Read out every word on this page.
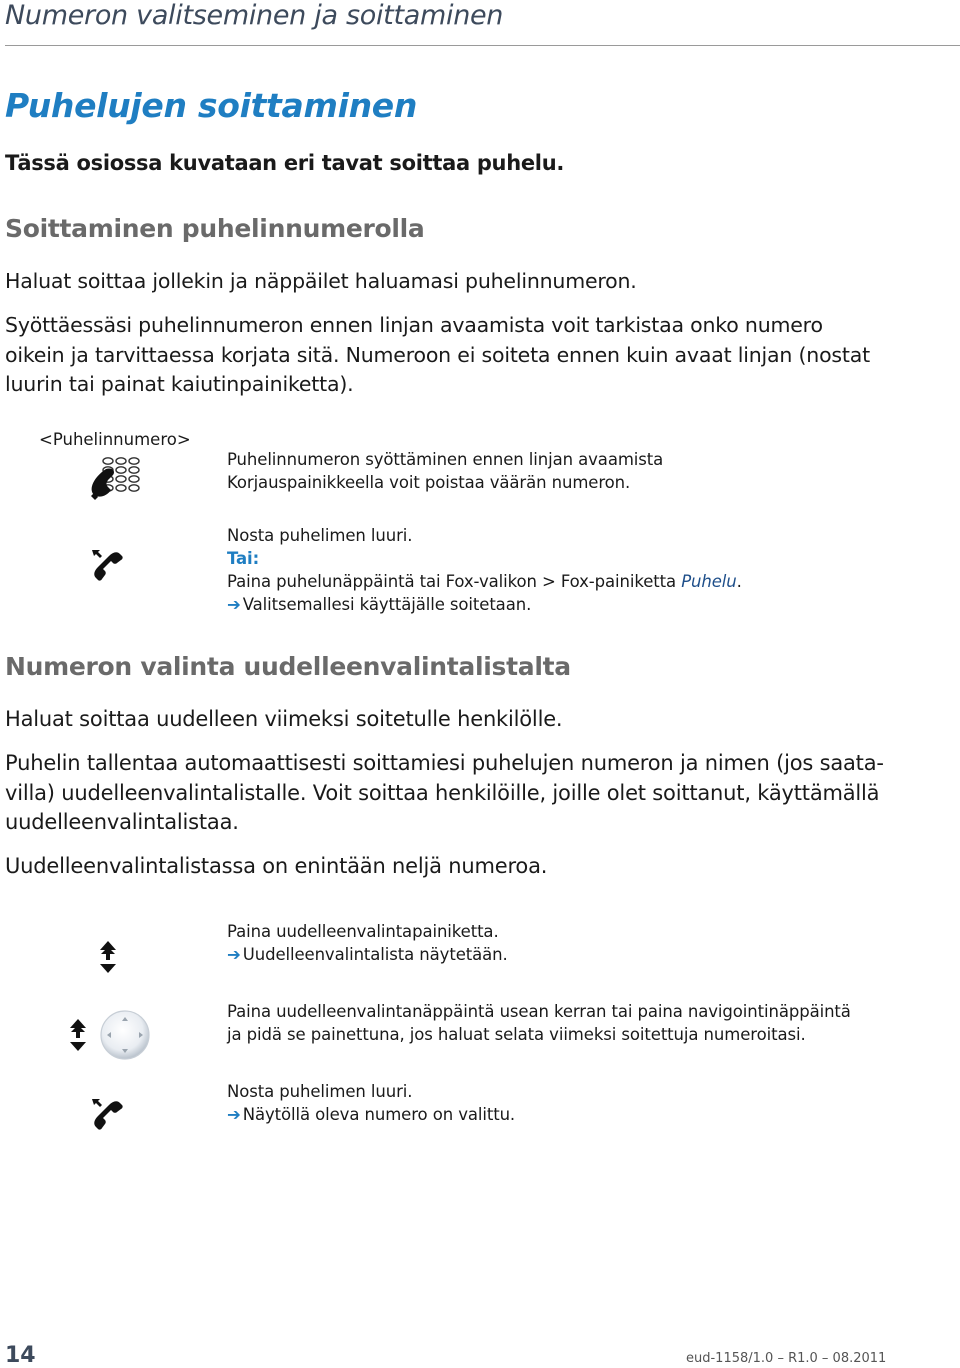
Numeron valitseminen ja soittaminen
Puhelujen soittaminen
Tässä osiossa kuvataan eri tavat soittaa puhelu.
Soittaminen puhelinnumerolla
Haluat soittaa jollekin ja näppäilet haluamasi puhelinnumeron.
Syöttäessäsi puhelinnumeron ennen linjan avaamista voit tarkistaa onko numero
oikein ja tarvittaessa korjata sitä. Numeroon ei soiteta ennen kuin avaat linjan (nostat
luurin tai painat kaiutinpainiketta).
<Puhelinnumero>
Puhelinnumeron syöttäminen ennen linjan avaamista
Korjauspainikkeella voit poistaa väärän numeron.
Nosta puhelimen luuri.
Tai:
Paina puhelunäppäintä tai Fox-valikon > Fox-painiketta Puhelu.
➔ Valitsemallesi käyttäjälle soitetaan.
Numeron valinta uudelleenvalintalistalta
Haluat soittaa uudelleen viimeksi soitetulle henkilölle.
Puhelin tallentaa automaattisesti soittamiesi puhelujen numeron ja nimen (jos saata-
villa) uudelleenvalintalistalle. Voit soittaa henkilöille, joille olet soittanut, käyttämällä
uudelleenvalintalistaa.
Uudelleenvalintalistassa on enintään neljä numeroa.
Paina uudelleenvalintapainiketta.
➔ Uudelleenvalintalista näytetään.
Paina uudelleenvalintanäppäintä usean kerran tai paina navigointinäppäintä
ja pidä se painettuna, jos haluat selata viimeksi soitettuja numeroitasi.
Nosta puhelimen luuri.
➔ Näytöllä oleva numero on valittu.
14	eud-1158/1.0 – R1.0 – 08.2011
